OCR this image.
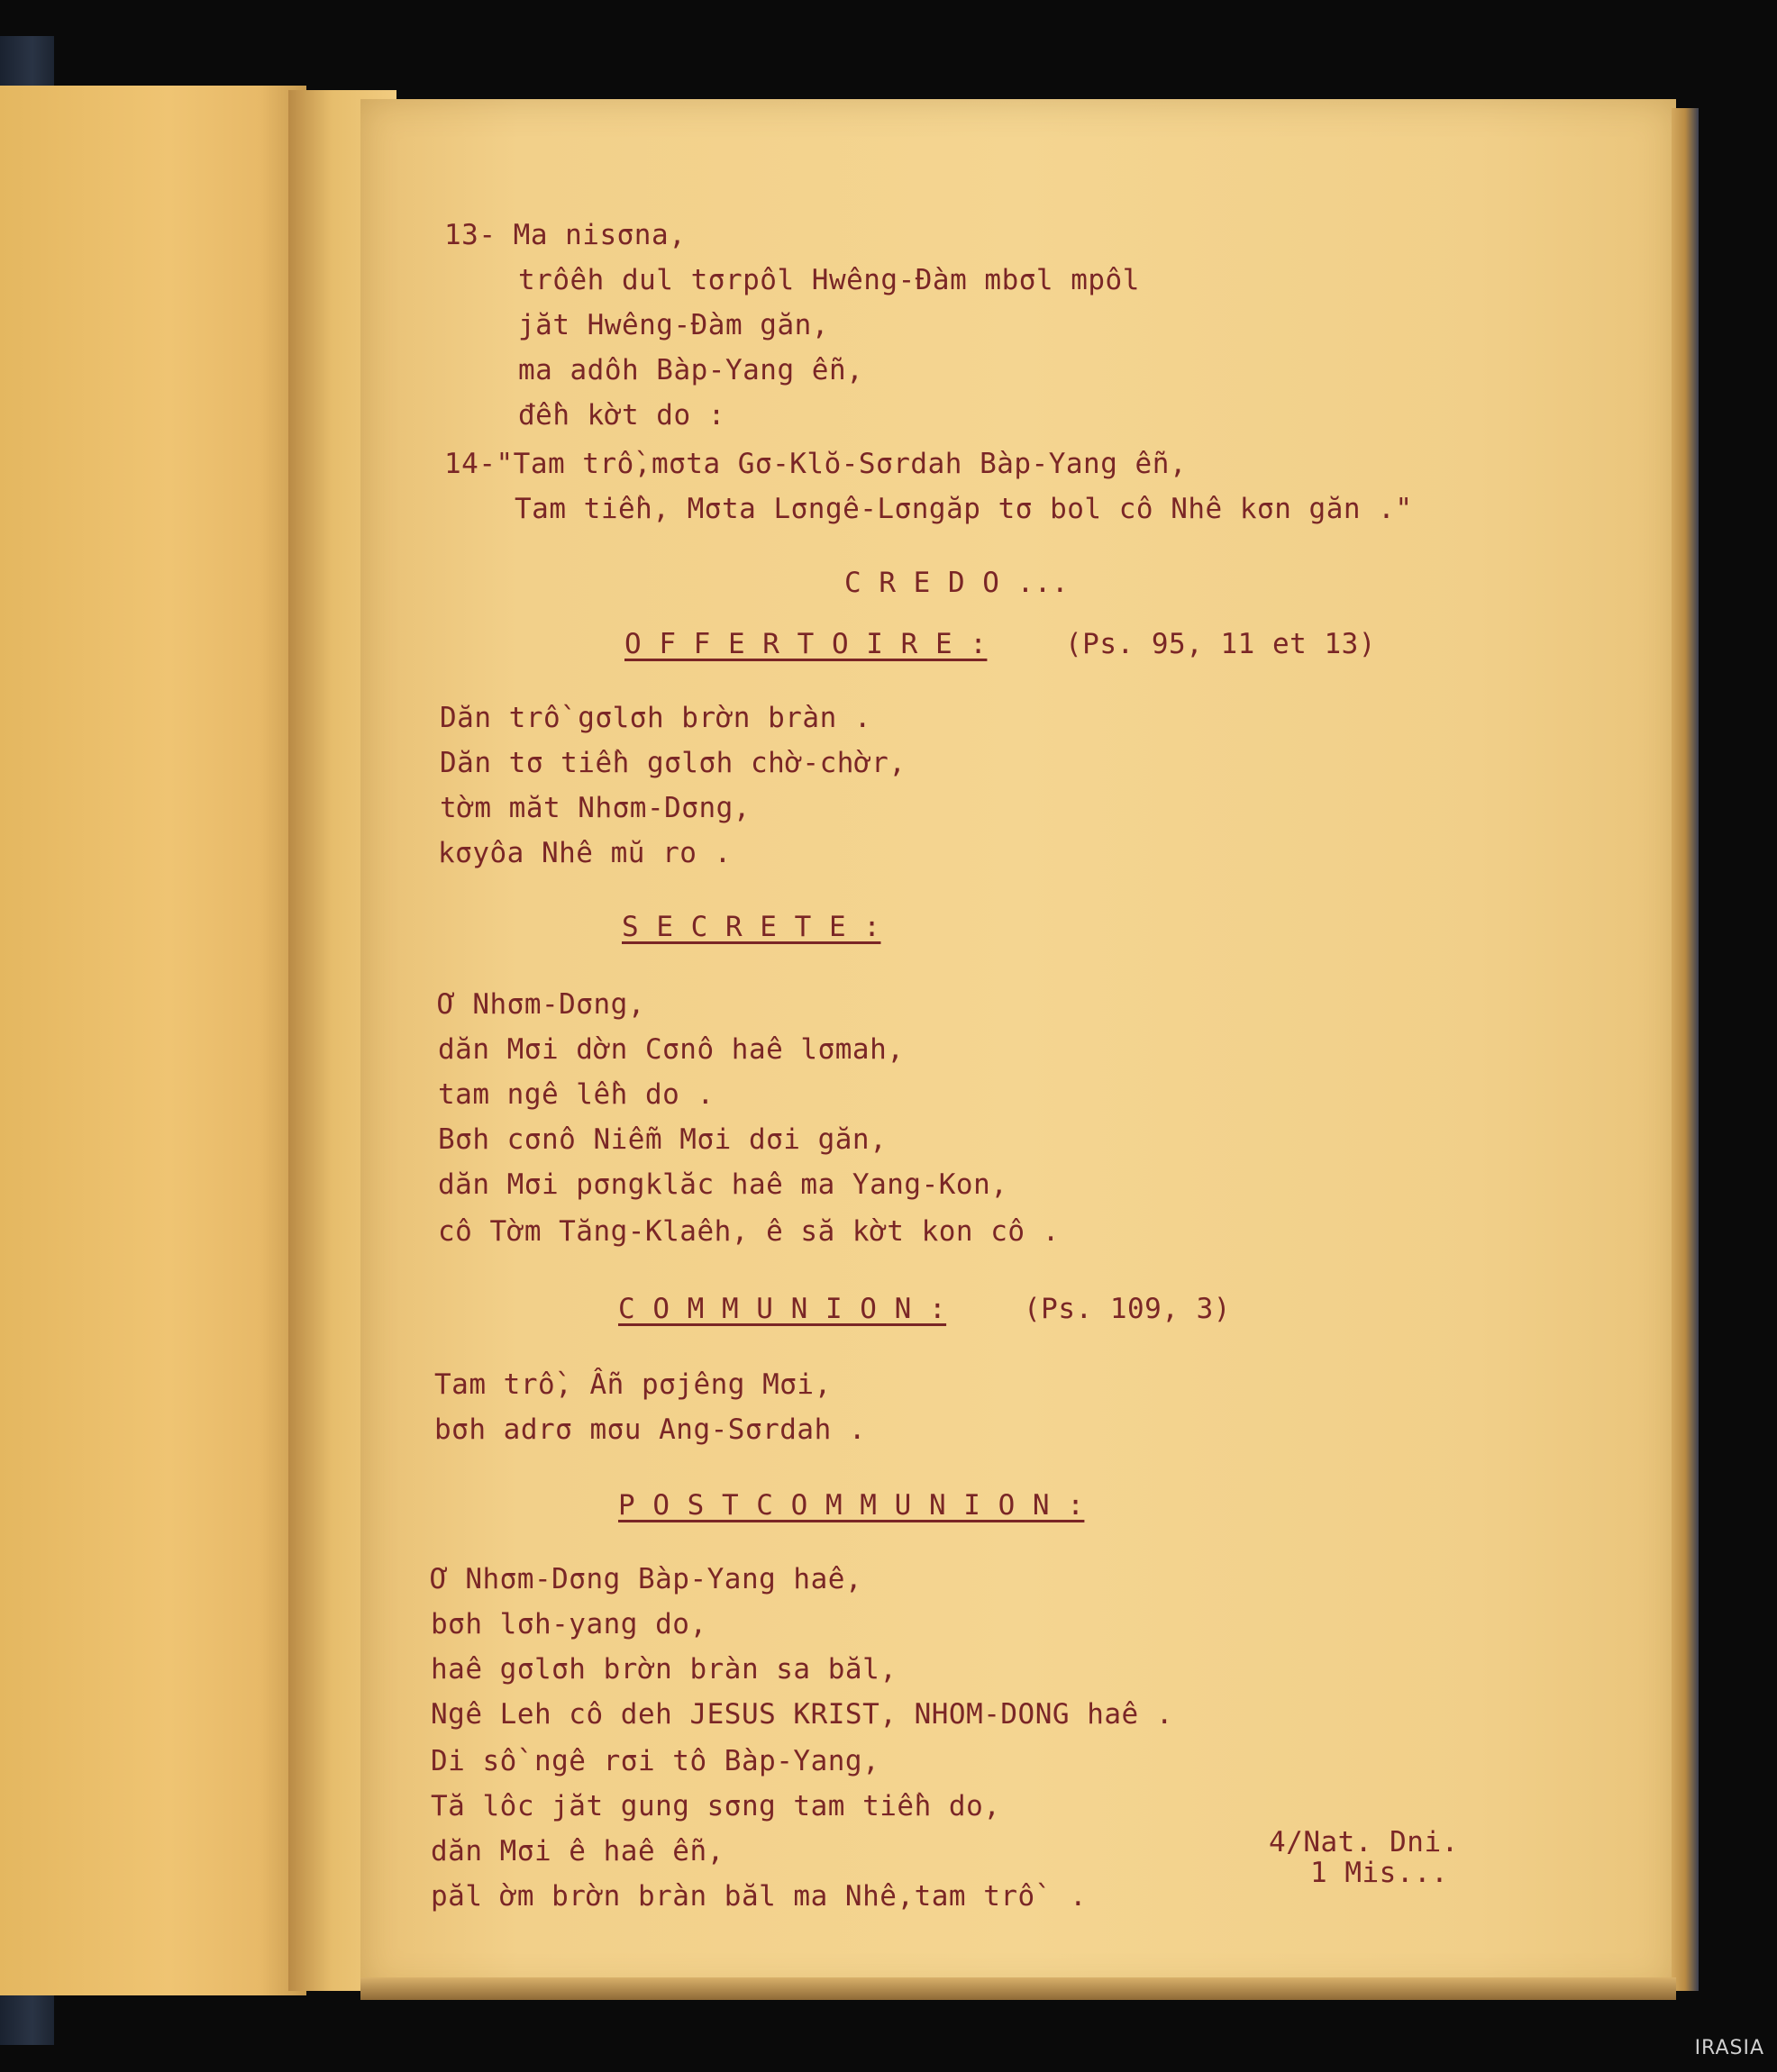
13- Ma nisσna,
trôêh dul tσrpôl Hwêng-Đàm mbσl mpôl
jăt Hwêng-Đàm găn,
ma adôh Bàp-Yang ễn,
đềh kờt do :
14-"Tam trồ,mσta Gσ-Klŏ-Sσrdah Bàp-Yang ễn,
Tam tiềh, Mσta Lσngê-Lσngăp tσ bol cô Nhê kσn găn ."
C R E D O ...
O F F E R T O I R E :	(Ps. 95, 11 et 13)
Dăn trồ gσlσh brờn bràn .
Dăn tσ tiềh gσlσh chờ-chờr,
tờm măt Nhσm-Dσng,
kσyôa Nhê mŭ ro .
S E C R E T E :
Ơ Nhσm-Dσng,
dăn Mσi dờn Cσnô haê lσmah,
tam ngê lềh do .
Bσh cσnô Niễm Mσi dσi găn,
dăn Mσi pσngklăc haê ma Yang-Kon,
cô Tờm Tăng-Klaêh, ê să kờt kon cô .
C O M M U N I O N :	(Ps. 109, 3)
Tam trồ, Ẫn pσjêng Mσi,
bσh adrσ mσu Ang-Sσrdah .
P O S T C O M M U N I O N :
Ơ Nhσm-Dσng Bàp-Yang haê,
bσh lσh-yang do,
haê gσlσh brờn bràn sa băl,
Ngê Leh cô deh JESUS KRIST, NHOM-DONG haê .
Di sồ ngê rσi tô Bàp-Yang,
Tă lôc jăt gung sσng tam tiềh do,
dăn Mσi ê haê ễn,
păl ờm brờn bràn băl ma Nhê,tam trồ  .
4/Nat. Dni.
1 Mis...
IRASIA
